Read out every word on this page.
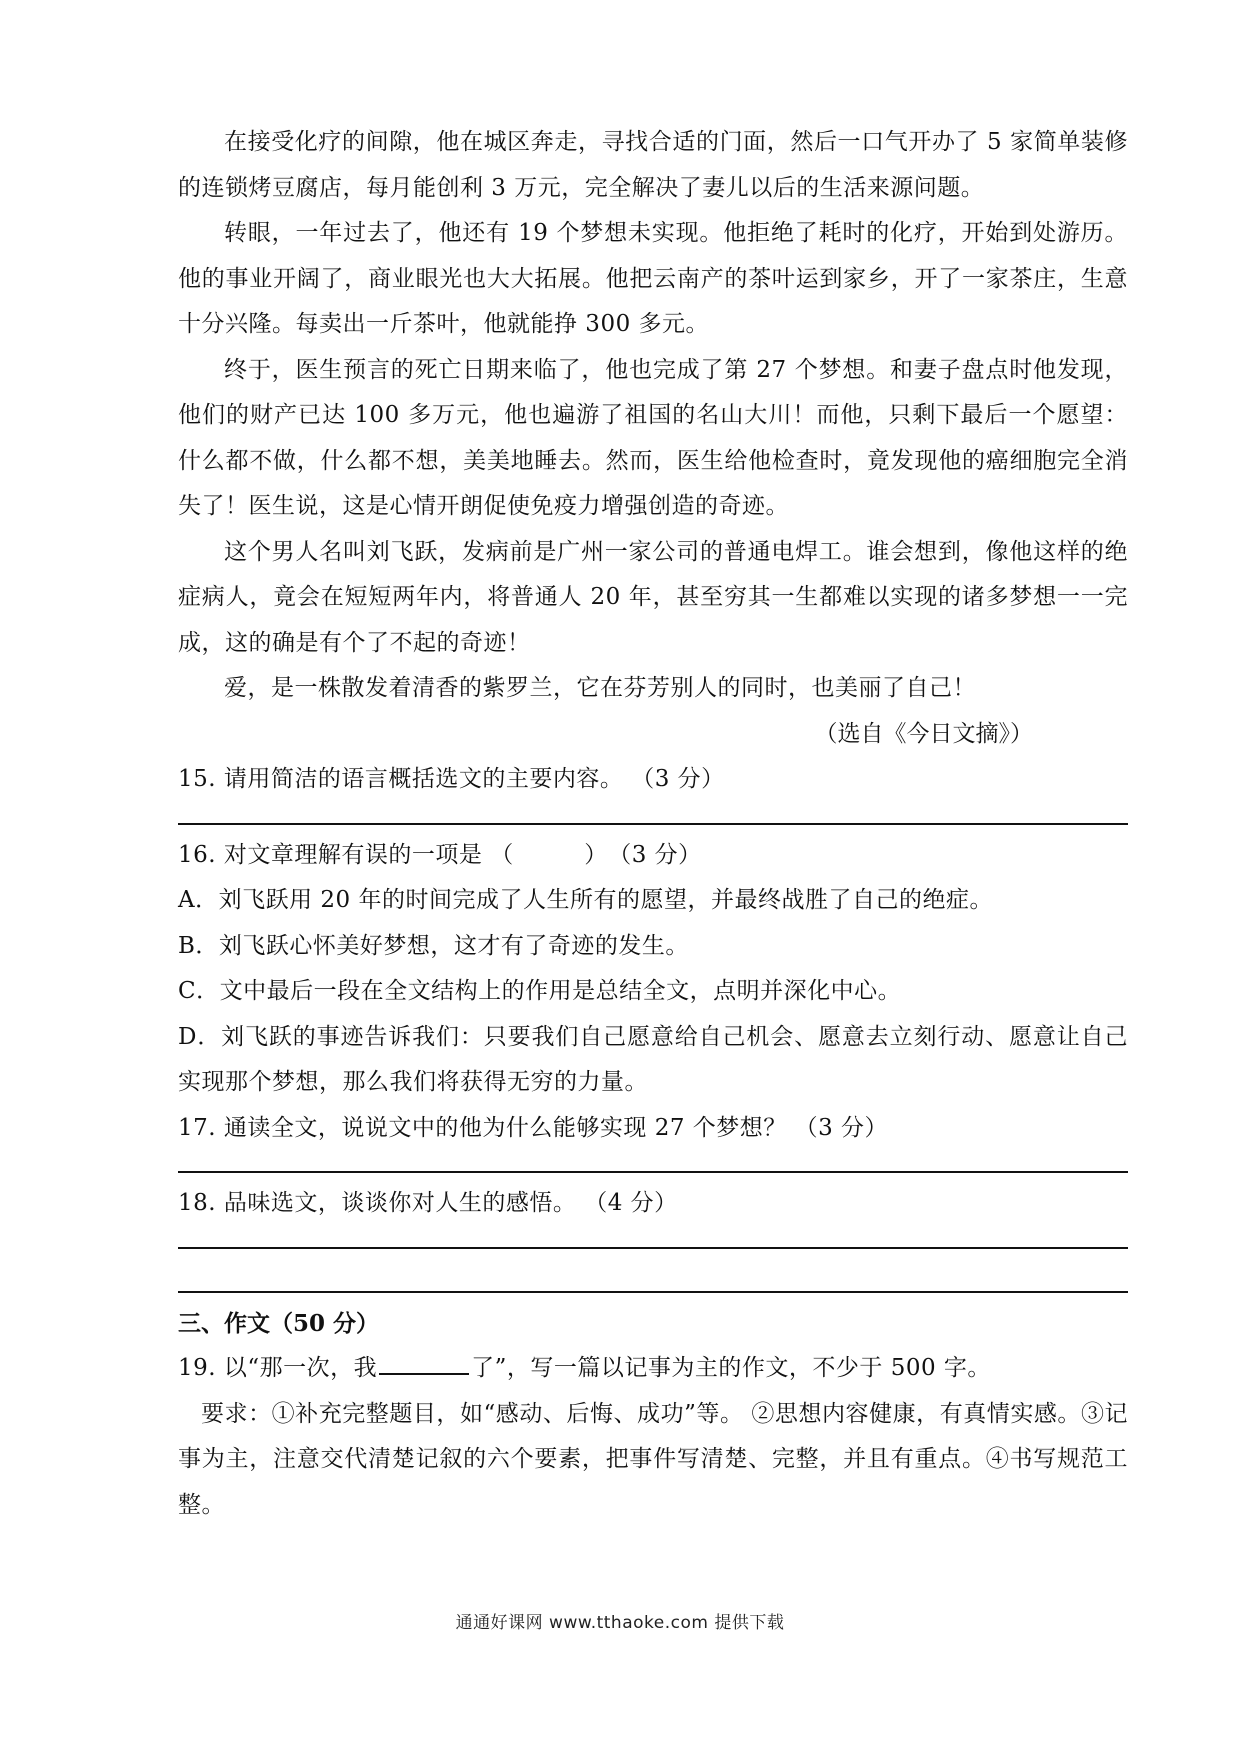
在接受化疗的间隙，他在城区奔走，寻找合适的门面，然后一口气开办了 5 家简单装修的连锁烤豆腐店，每月能创利 3 万元，完全解决了妻儿以后的生活来源问题。

转眼，一年过去了，他还有 19 个梦想未实现。他拒绝了耗时的化疗，开始到处游历。他的事业开阔了，商业眼光也大大拓展。他把云南产的茶叶运到家乡，开了一家茶庄，生意十分兴隆。每卖出一斤茶叶，他就能挣 300 多元。

终于，医生预言的死亡日期来临了，他也完成了第 27 个梦想。和妻子盘点时他发现，他们的财产已达 100 多万元，他也遍游了祖国的名山大川！而他，只剩下最后一个愿望：什么都不做，什么都不想，美美地睡去。然而，医生给他检查时，竟发现他的癌细胞完全消失了！医生说，这是心情开朗促使免疫力增强创造的奇迹。

这个男人名叫刘飞跃，发病前是广州一家公司的普通电焊工。谁会想到，像他这样的绝症病人，竟会在短短两年内，将普通人 20 年，甚至穷其一生都难以实现的诸多梦想一一完成，这的确是有个了不起的奇迹！

爱，是一株散发着清香的紫罗兰，它在芬芳别人的同时，也美丽了自己！

（选自《今日文摘》）

15. 请用简洁的语言概括选文的主要内容。 （3 分）

16. 对文章理解有误的一项是 （　　　）　（3 分）

A．刘飞跃用 20 年的时间完成了人生所有的愿望，并最终战胜了自己的绝症。

B．刘飞跃心怀美好梦想，这才有了奇迹的发生。

C．文中最后一段在全文结构上的作用是总结全文，点明并深化中心。

D．刘飞跃的事迹告诉我们：只要我们自己愿意给自己机会、愿意去立刻行动、愿意让自己实现那个梦想，那么我们将获得无穷的力量。

17. 通读全文，说说文中的他为什么能够实现 27 个梦想？ （3 分）

18. 品味选文，谈谈你对人生的感悟。 （4 分）

三、作文（50 分）

19. 以“那一次，我	了”，写一篇以记事为主的作文，不少于 500 字。

要求：①补充完整题目，如“感动、后悔、成功”等。 ②思想内容健康，有真情实感。③记事为主，注意交代清楚记叙的六个要素，把事件写清楚、完整，并且有重点。④书写规范工整。

通通好课网 www.tthaoke.com 提供下载
